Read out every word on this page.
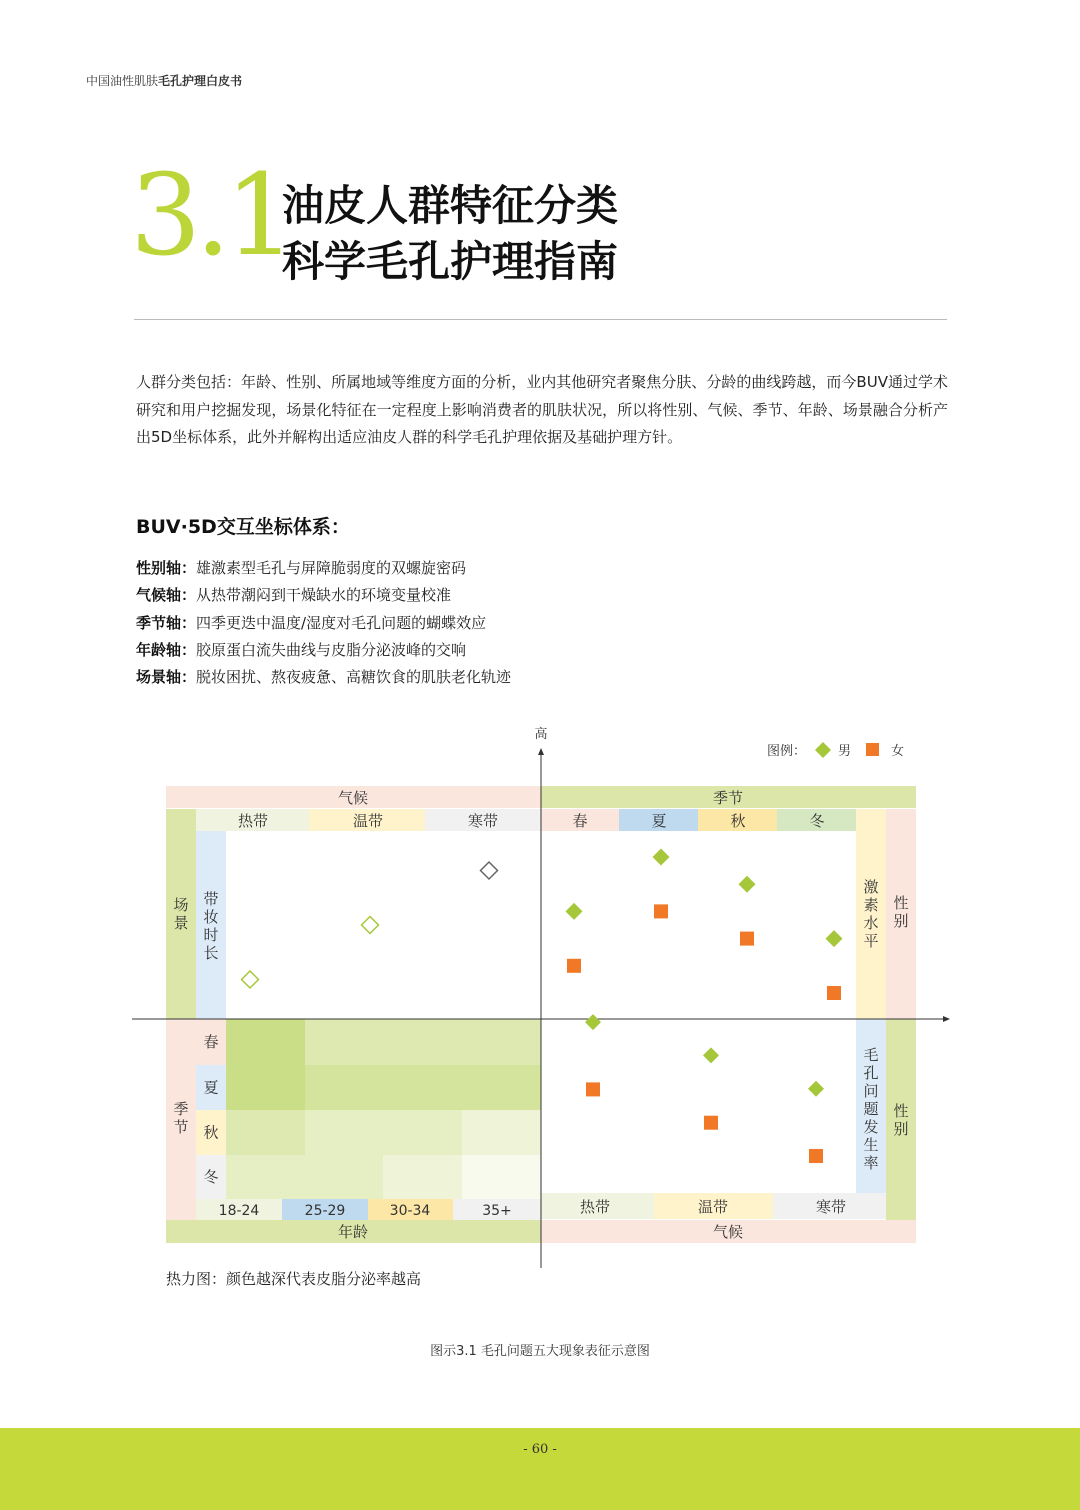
中国油性肌肤毛孔护理白皮书
3.1
油皮人群特征分类
科学毛孔护理指南
人群分类包括：年龄、性别、所属地域等维度方面的分析，业内其他研究者聚焦分肤、分龄的曲线跨越，而今BUV通过学术研究和用户挖掘发现，场景化特征在一定程度上影响消费者的肌肤状况，所以将性别、气候、季节、年龄、场景融合分析产出5D坐标体系，此外并解构出适应油皮人群的科学毛孔护理依据及基础护理方针。
BUV·5D交互坐标体系：
性别轴：雄激素型毛孔与屏障脆弱度的双螺旋密码
气候轴：从热带潮闷到干燥缺水的环境变量校准
季节轴：四季更迭中温度/湿度对毛孔问题的蝴蝶效应
年龄轴：胶原蛋白流失曲线与皮脂分泌波峰的交响
场景轴：脱妆困扰、熬夜疲惫、高糖饮食的肌肤老化轨迹
气候
热带	温带	寒带
场景
带妆时长
季节
春	夏	秋	冬
激素水平
性别
季节
春
夏
秋
冬
18-24	25-29	30-34	35+
年龄
热带	温带	寒带
气候
毛孔问题发生率
性别
高
图例： 男	女
热力图：颜色越深代表皮脂分泌率越高
图示3.1 毛孔问题五大现象表征示意图
- 60 -
